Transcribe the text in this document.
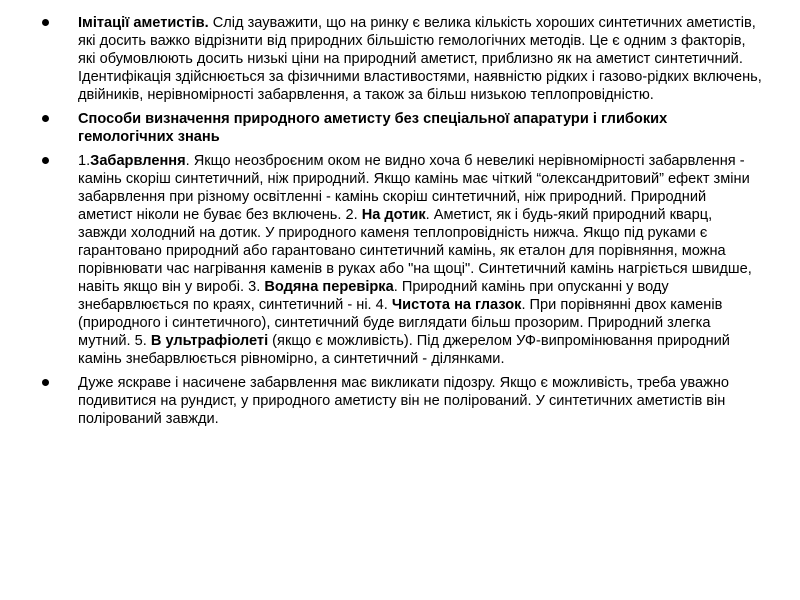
Імітації аметистів. Слід зауважити, що на ринку є велика кількість хороших синтетичних аметистів, які досить важко відрізнити від природних більшістю гемологічних методів. Це є одним з факторів, які обумовлюють досить низькі ціни на природний аметист, приблизно як на аметист синтетичний. Ідентифікація здійснюється за фізичними властивостями, наявністю рідких і газово-рідких включень, двійників, нерівномірності забарвлення, а також за більш низькою теплопровідністю.
Способи визначення природного аметисту без спеціальної апаратури і глибоких гемологічних знань
1.Забарвлення. Якщо неозброєним оком не видно хоча б невеликі нерівномірності забарвлення - камінь скоріш синтетичний, ніж природний. Якщо камінь має чіткий “олександритовий” ефект зміни забарвлення при різному освітленні - камінь скоріш синтетичний, ніж природний. Природний аметист ніколи не буває без включень. 2. На дотик. Аметист, як і будь-який природний кварц, завжди холодний на дотик. У природного каменя теплопровідність нижча. Якщо під руками є гарантовано природний або гарантовано синтетичний камінь, як еталон для порівняння, можна порівнювати час нагрівання каменів в руках або "на щоці". Синтетичний камінь нагріється швидше, навіть якщо він у виробі. 3. Водяна перевірка. Природний камінь при опусканні у воду знебарвлюється по краях, синтетичний - ні. 4. Чистота на глазок. При порівнянні двох каменів (природного і синтетичного), синтетичний буде виглядати більш прозорим. Природний злегка мутний. 5. В ультрафіолеті (якщо є можливість). Під джерелом УФ-випромінювання природний камінь знебарвлюється рівномірно, а синтетичний - ділянками.
Дуже яскраве і насичене забарвлення має викликати підозру. Якщо є можливість, треба уважно подивитися на рундист, у природного аметисту він не полірований. У синтетичних аметистів він полірований завжди.
